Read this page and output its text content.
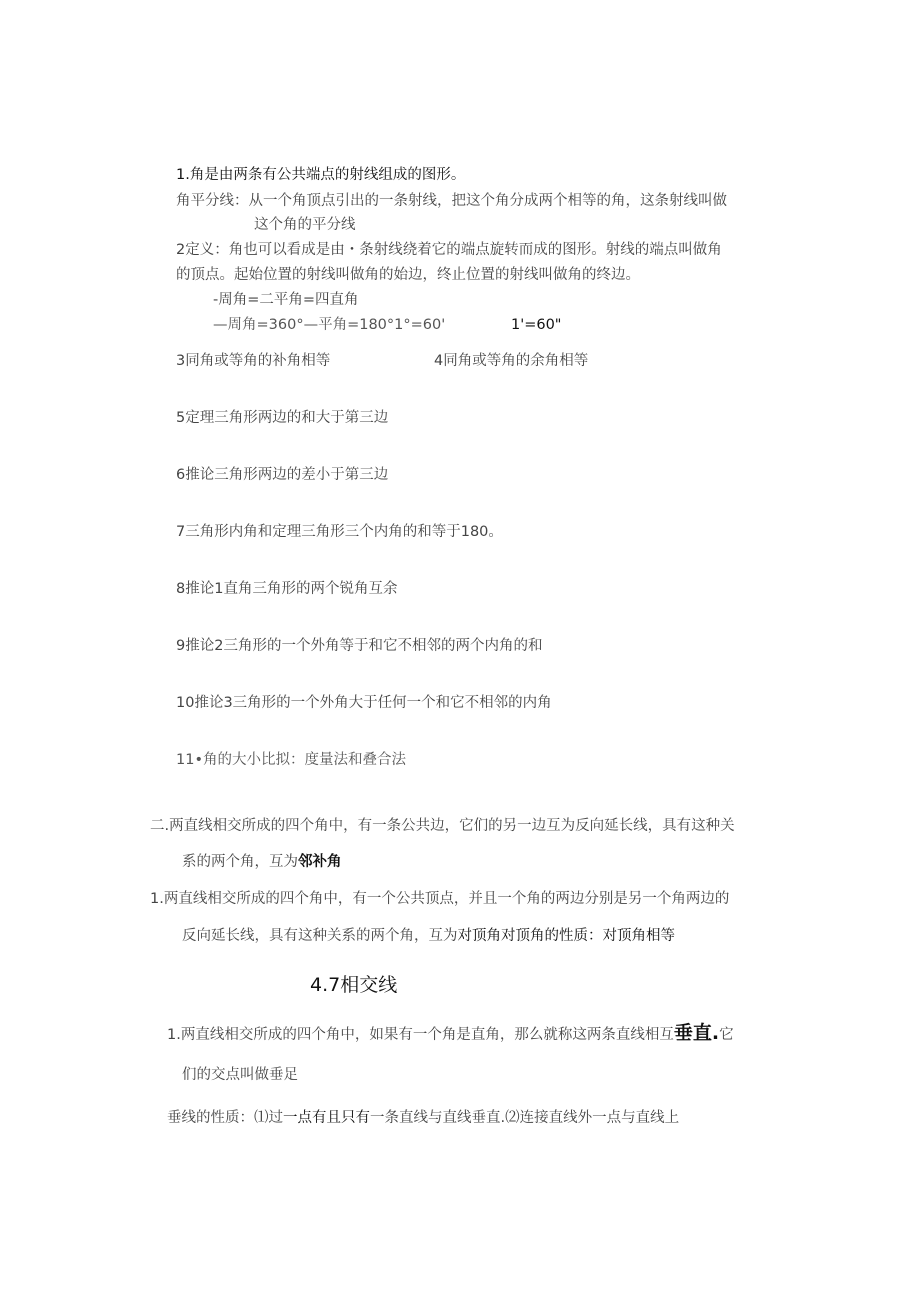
1.角是由两条有公共端点的射线组成的图形。
角平分线：从一个角顶点引出的一条射线，把这个角分成两个相等的角，这条射线叫做
这个角的平分线
2定义：角也可以看成是由・条射线绕着它的端点旋转而成的图形。射线的端点叫做角
的顶点。起始位置的射线叫做角的始边，终止位置的射线叫做角的终边。
-周角=二平角=四直角
—周角=360°—平角=180°1°=60'	1'=60"
3同角或等角的补角相等	4同角或等角的余角相等
5定理三角形两边的和大于第三边
6推论三角形两边的差小于第三边
7三角形内角和定理三角形三个内角的和等于180。
8推论1直角三角形的两个锐角互余
9推论2三角形的一个外角等于和它不相邻的两个内角的和
10推论3三角形的一个外角大于任何一个和它不相邻的内角
11•角的大小比拟：度量法和叠合法
二.两直线相交所成的四个角中，有一条公共边，它们的另一边互为反向延长线，具有这种关
系的两个角，互为邻补角
1.两直线相交所成的四个角中，有一个公共顶点，并且一个角的两边分别是另一个角两边的
反向延长线，具有这种关系的两个角，互为对顶角对顶角的性质：对顶角相等
4.7相交线
1.两直线相交所成的四个角中，如果有一个角是直角，那么就称这两条直线相互垂直.它
们的交点叫做垂足
垂线的性质：⑴过一点有且只有一条直线与直线垂直.⑵连接直线外一点与直线上
